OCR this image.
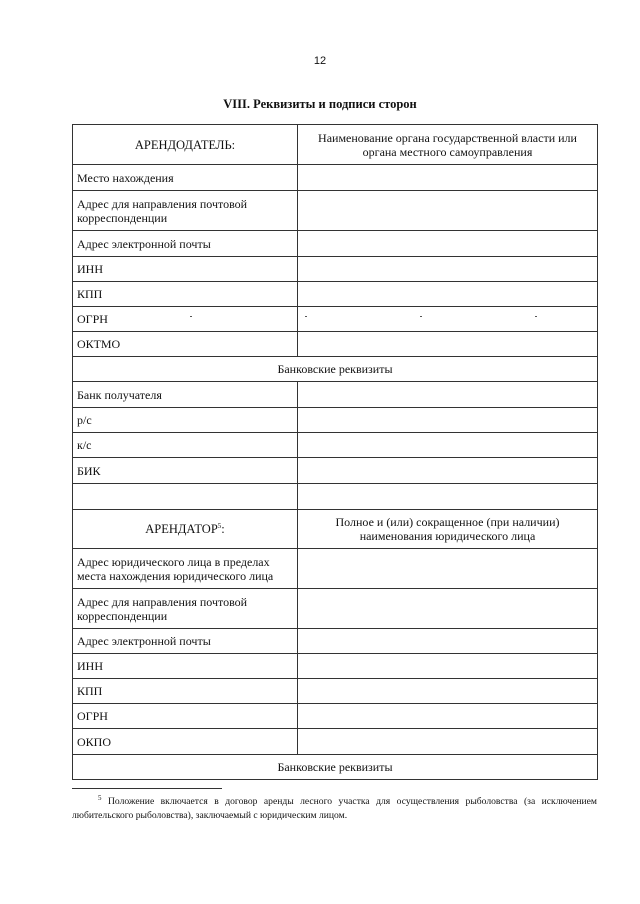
12
VIII. Реквизиты и подписи сторон
АРЕНДОДАТЕЛЬ:	Наименование органа государственной власти или органа местного самоуправления
Место нахождения	
Адрес для направления почтовой корреспонденции	
Адрес электронной почты	
ИНН	
КПП	
ОГРН	
ОКТМО	
Банковские реквизиты	
Банк получателя	
р/с	
к/с	
БИК	

АРЕНДАТОР$^5$:	Полное и (или) сокращенное (при наличии) наименования юридического лица
Адрес юридического лица в пределах места нахождения юридического лица	
Адрес для направления почтовой корреспонденции	
Адрес электронной почты	
ИНН	
КПП	
ОГРН	
ОКПО	
Банковские реквизиты	
$^5$ Положение включается в договор аренды лесного участка для осуществления рыболовства (за исключением любительского рыболовства), заключаемый с юридическим лицом.
